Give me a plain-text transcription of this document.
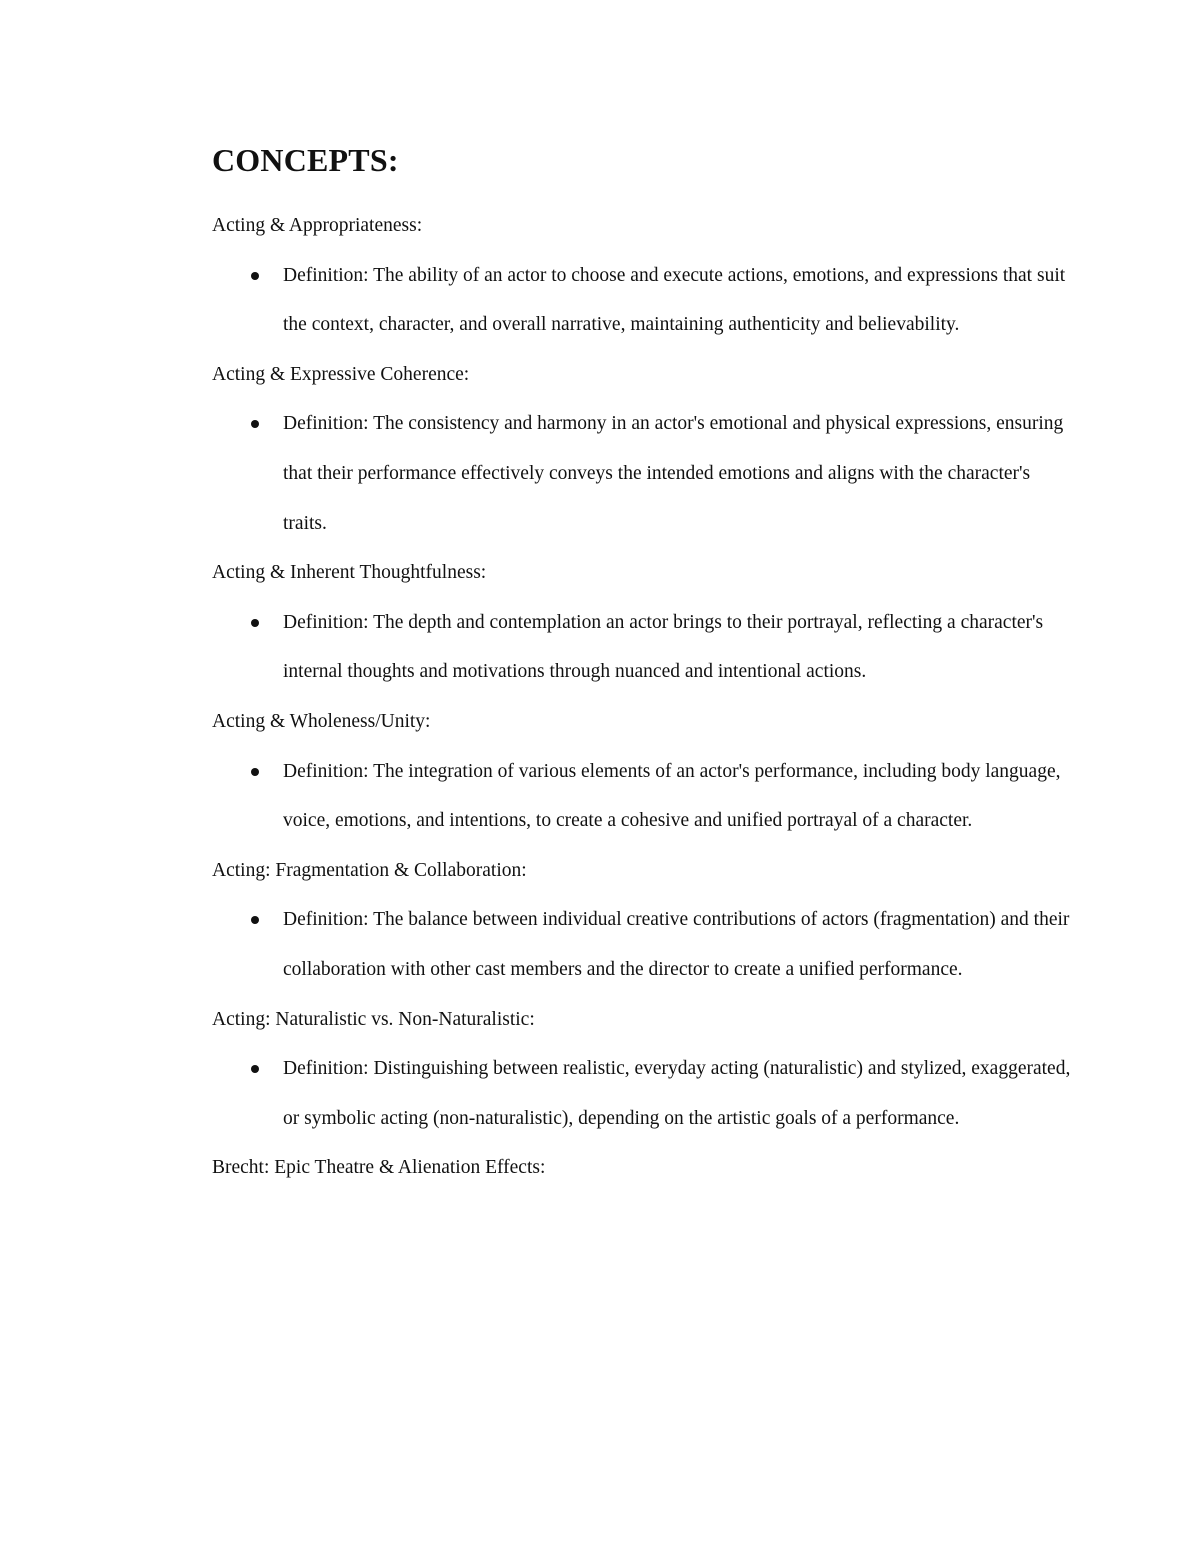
CONCEPTS:

Acting & Appropriateness:

Definition: The ability of an actor to choose and execute actions, emotions, and expressions that suit the context, character, and overall narrative, maintaining authenticity and believability.

Acting & Expressive Coherence:

Definition: The consistency and harmony in an actor's emotional and physical expressions, ensuring that their performance effectively conveys the intended emotions and aligns with the character's traits.

Acting & Inherent Thoughtfulness:

Definition: The depth and contemplation an actor brings to their portrayal, reflecting a character's internal thoughts and motivations through nuanced and intentional actions.

Acting & Wholeness/Unity:

Definition: The integration of various elements of an actor's performance, including body language, voice, emotions, and intentions, to create a cohesive and unified portrayal of a character.

Acting: Fragmentation & Collaboration:

Definition: The balance between individual creative contributions of actors (fragmentation) and their collaboration with other cast members and the director to create a unified performance.

Acting: Naturalistic vs. Non-Naturalistic:

Definition: Distinguishing between realistic, everyday acting (naturalistic) and stylized, exaggerated, or symbolic acting (non-naturalistic), depending on the artistic goals of a performance.

Brecht: Epic Theatre & Alienation Effects:
